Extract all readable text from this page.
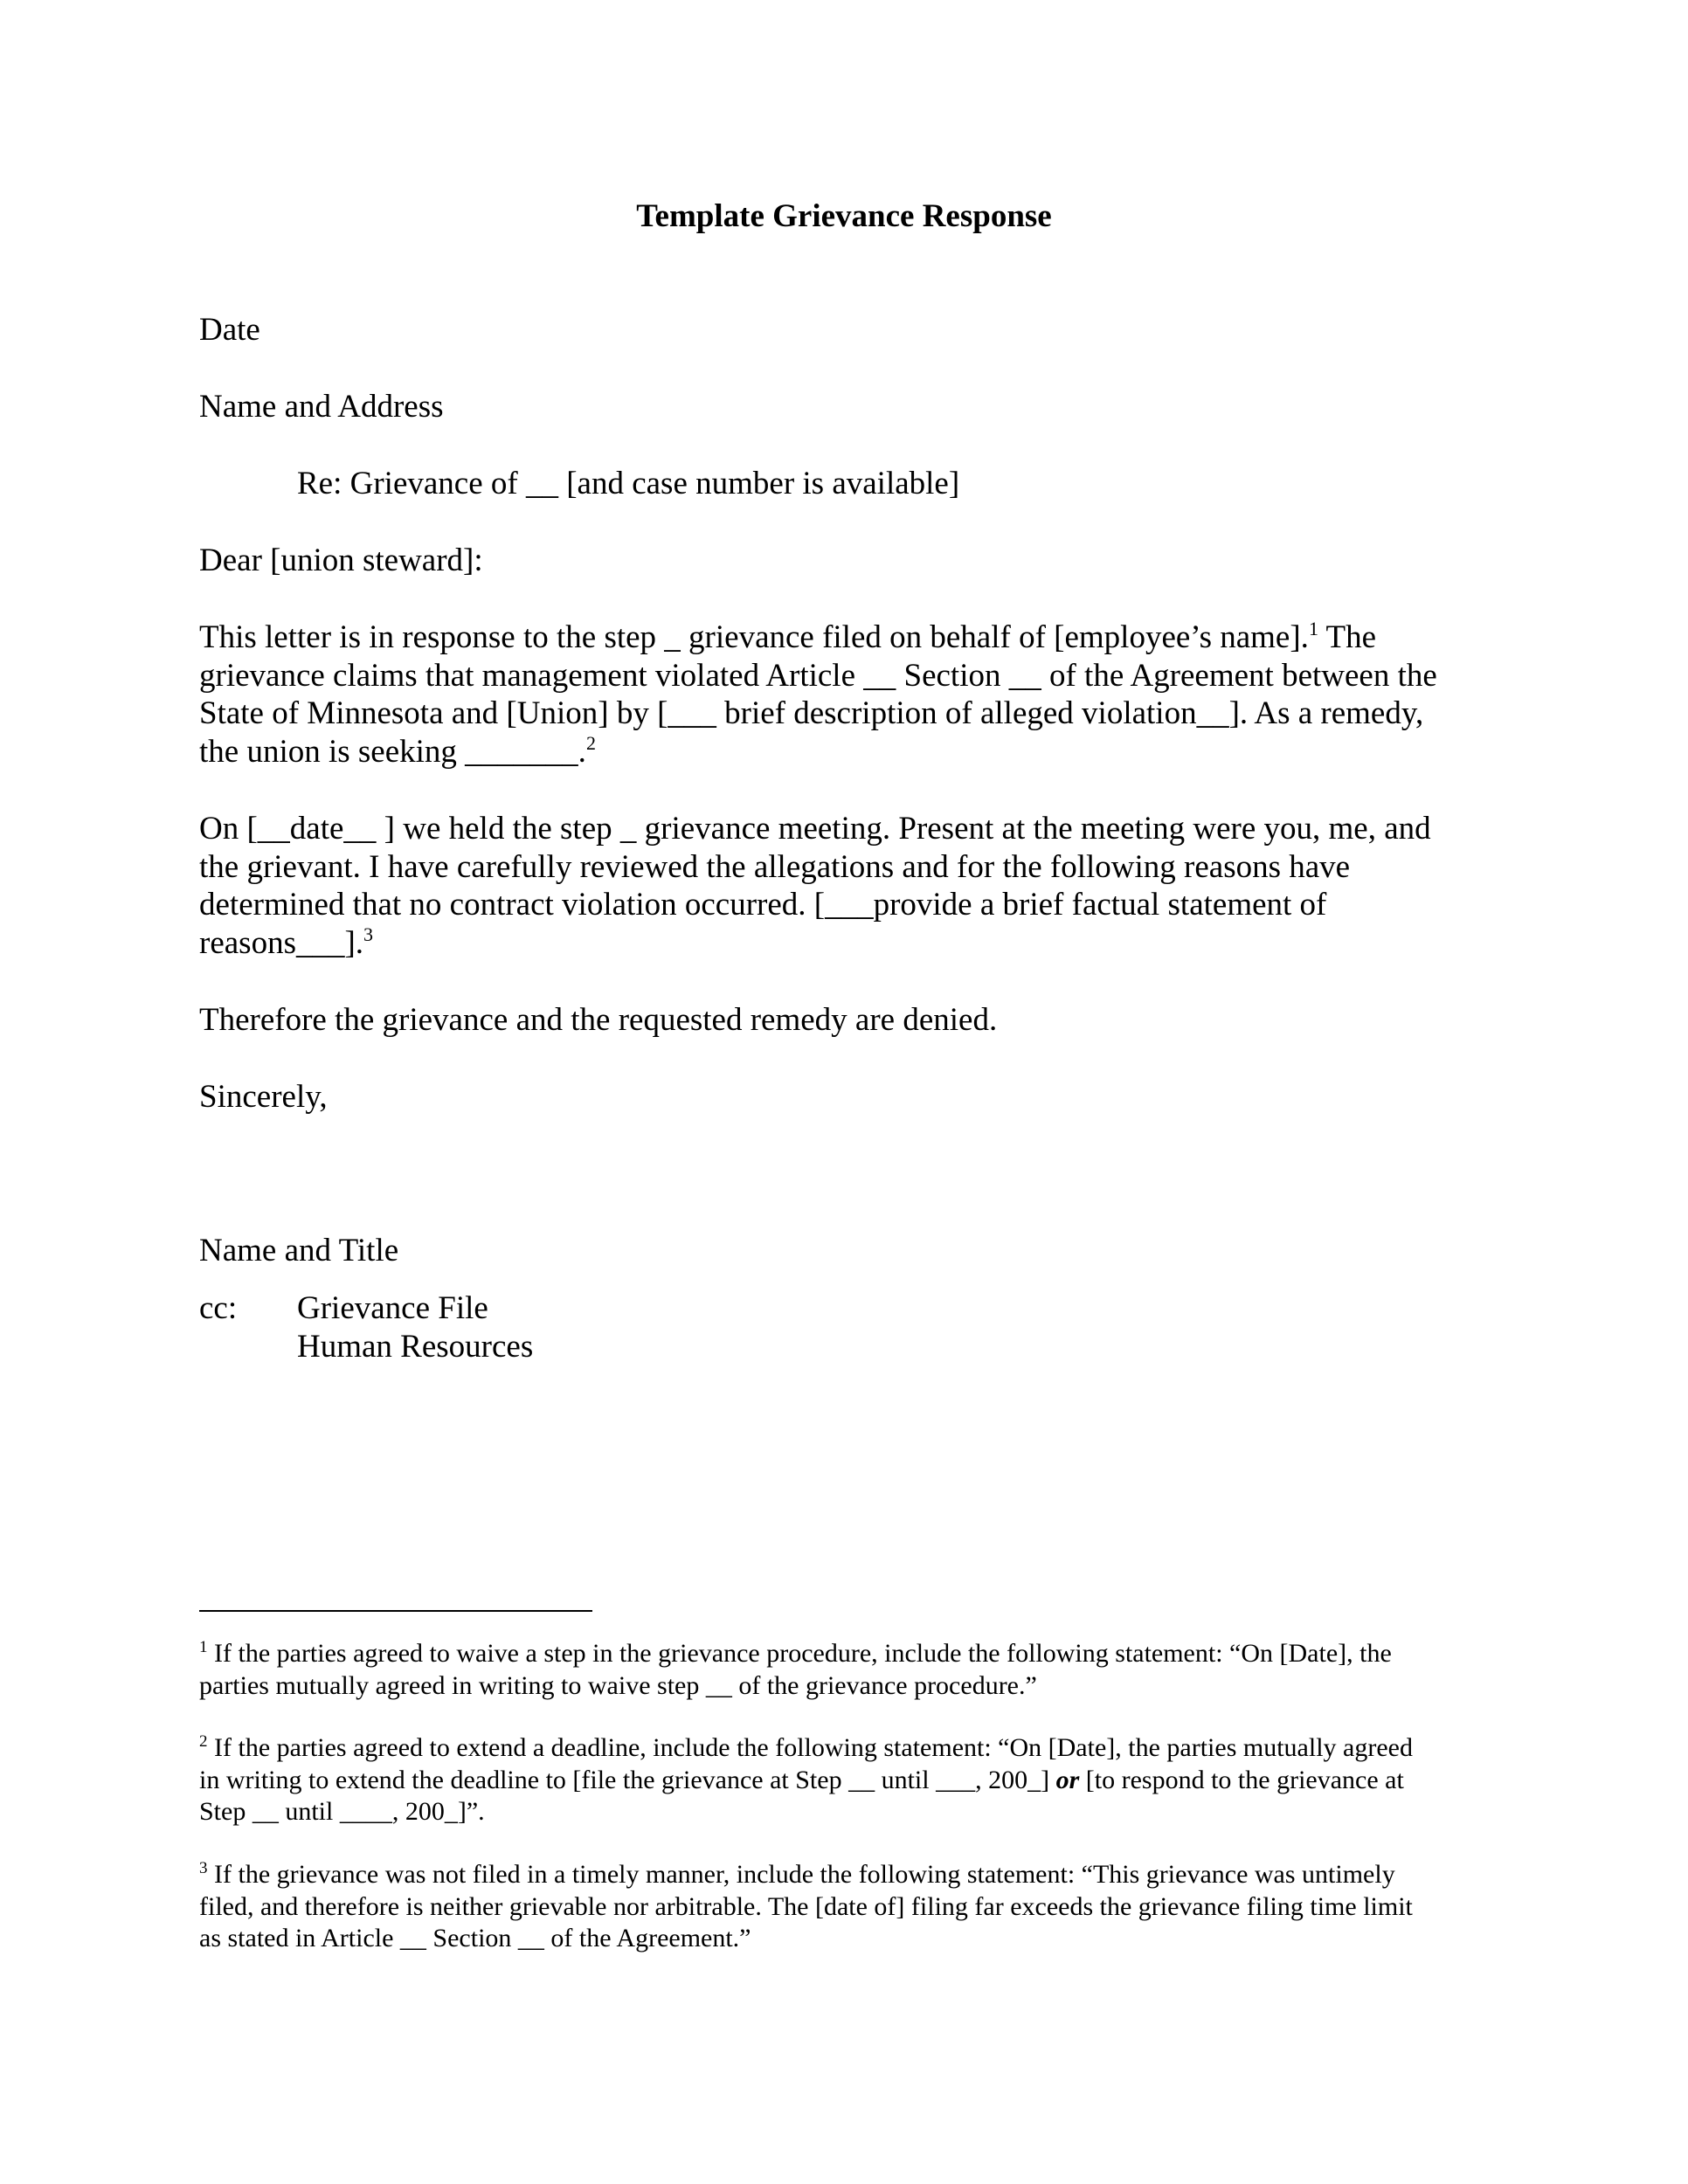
Template Grievance Response

Date

Name and Address

Re: Grievance of __ [and case number is available]

Dear [union steward]:

This letter is in response to the step _ grievance filed on behalf of [employee’s name].$^1$ The
grievance claims that management violated Article __ Section __ of the Agreement between the
State of Minnesota and [Union] by [___ brief description of alleged violation__]. As a remedy,
the union is seeking _______.$^2$
On [__date__ ] we held the step _ grievance meeting. Present at the meeting were you, me, and
the grievant. I have carefully reviewed the allegations and for the following reasons have
determined that no contract violation occurred. [___provide a brief factual statement of
reasons___].$^3$

Therefore the grievance and the requested remedy are denied.

Sincerely,

Name and Title

cc: Grievance File
Human Resources
$^1$ If the parties agreed to waive a step in the grievance procedure, include the following statement: “On [Date], the
parties mutually agreed in writing to waive step __ of the grievance procedure.”
$^2$ If the parties agreed to extend a deadline, include the following statement: “On [Date], the parties mutually agreed
in writing to extend the deadline to [file the grievance at Step __ until ___, 200_] or [to respond to the grievance at
Step __ until ____, 200_]”.
$^3$ If the grievance was not filed in a timely manner, include the following statement: “This grievance was untimely
filed, and therefore is neither grievable nor arbitrable. The [date of] filing far exceeds the grievance filing time limit
as stated in Article __ Section __ of the Agreement.”
